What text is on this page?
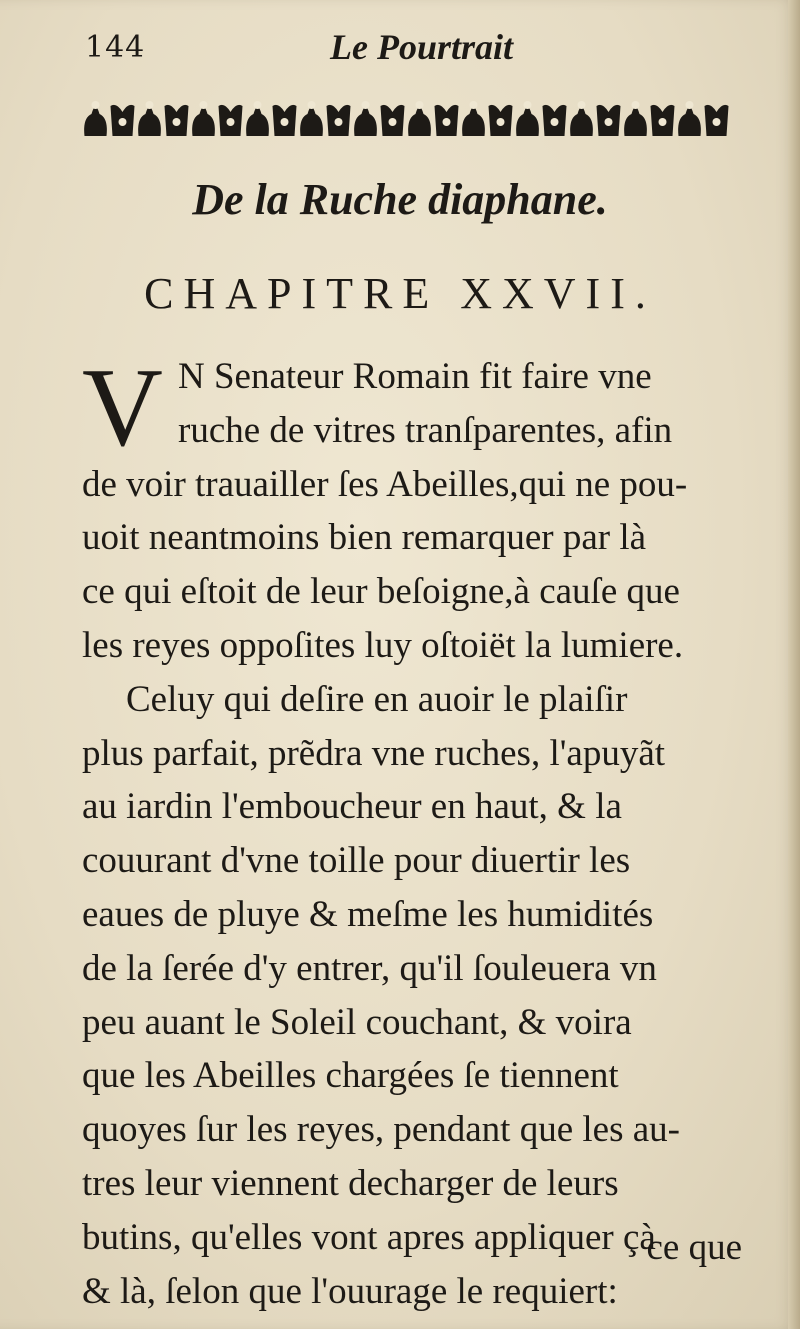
144	Le Pourtrait
De la Ruche diaphane.
CHAPITRE XXVII.
V N Senateur Romain fit faire vne
ruche de vitres tranſparentes, afin
de voir trauailler ſes Abeilles,qui ne pou-
uoit neantmoins bien remarquer par là
ce qui eſtoit de leur beſoigne,à cauſe que
les reyes oppoſites luy oſtoiët la lumiere.
Celuy qui deſire en auoir le plaiſir
plus parfait, prẽdra vne ruches, l'apuyãt
au iardin l'emboucheur en haut, & la
couurant d'vne toille pour diuertir les
eaues de pluye & meſme les humidités
de la ſerée d'y entrer, qu'il ſouleuera vn
peu auant le Soleil couchant, & voira
que les Abeilles chargées ſe tiennent
quoyes ſur les reyes, pendant que les au-
tres leur viennent decharger de leurs
butins, qu'elles vont apres appliquer çà
& là, ſelon que l'ouurage le requiert:
ce que
